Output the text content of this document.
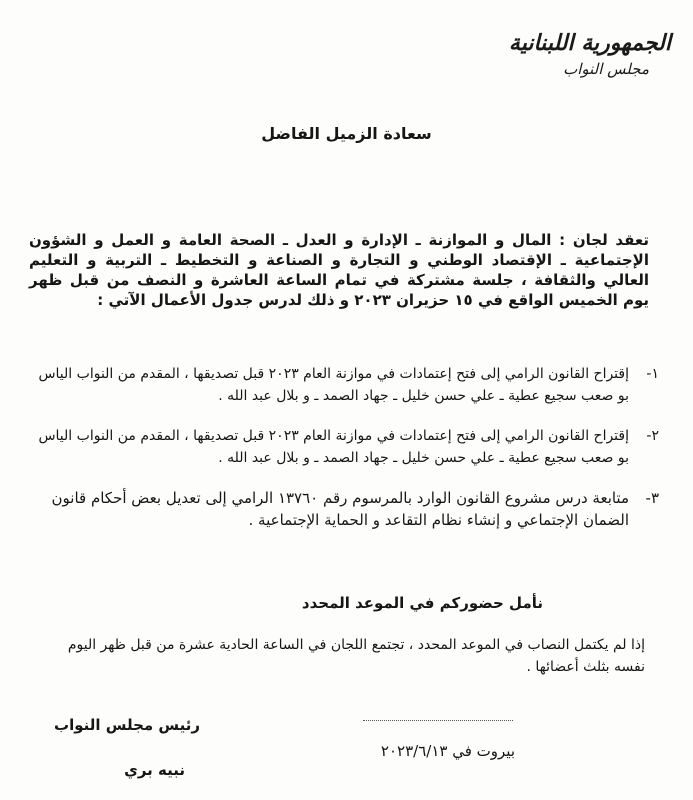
الجمهورية اللبنانية
مجلس النواب
سعادة الزميل الفاضل
تعقد لجان : المال و الموازنة ـ الإدارة و العدل ـ الصحة العامة و العمل و الشؤون الإجتماعية ـ الإقتصاد الوطني و التجارة و الصناعة و التخطيط ـ التربية و التعليم العالي والثقافة ، جلسة مشتركة في تمام الساعة العاشرة و النصف من قبل ظهر يوم الخميس الواقع في ١٥ حزيران ٢٠٢٣ و ذلك لدرس جدول الأعمال الآتي :
١-
إقتراح القانون الرامي إلى فتح إعتمادات في موازنة العام ٢٠٢٣ قبل تصديقها ، المقدم من النواب الياس بو صعب سجيع عطية ـ علي حسن خليل ـ جهاد الصمد ـ و بلال عبد الله .
٢-
إقتراح القانون الرامي إلى فتح إعتمادات في موازنة العام ٢٠٢٣ قبل تصديقها ، المقدم من النواب الياس بو صعب سجيع عطية ـ علي حسن خليل ـ جهاد الصمد ـ و بلال عبد الله .
٣-
متابعة درس مشروع القانون الوارد بالمرسوم رقم ١٣٧٦٠ الرامي إلى تعديل بعض أحكام قانون الضمان الإجتماعي و إنشاء نظام التقاعد و الحماية الإجتماعية .
نأمل حضوركم في الموعد المحدد
إذا لم يكتمل النصاب في الموعد المحدد ، تجتمع اللجان في الساعة الحادية عشرة من قبل ظهر اليوم نفسه بثلث أعضائها .
بيروت في ٢٠٢٣/٦/١٣
رئيس مجلس النواب
نبيه بري
